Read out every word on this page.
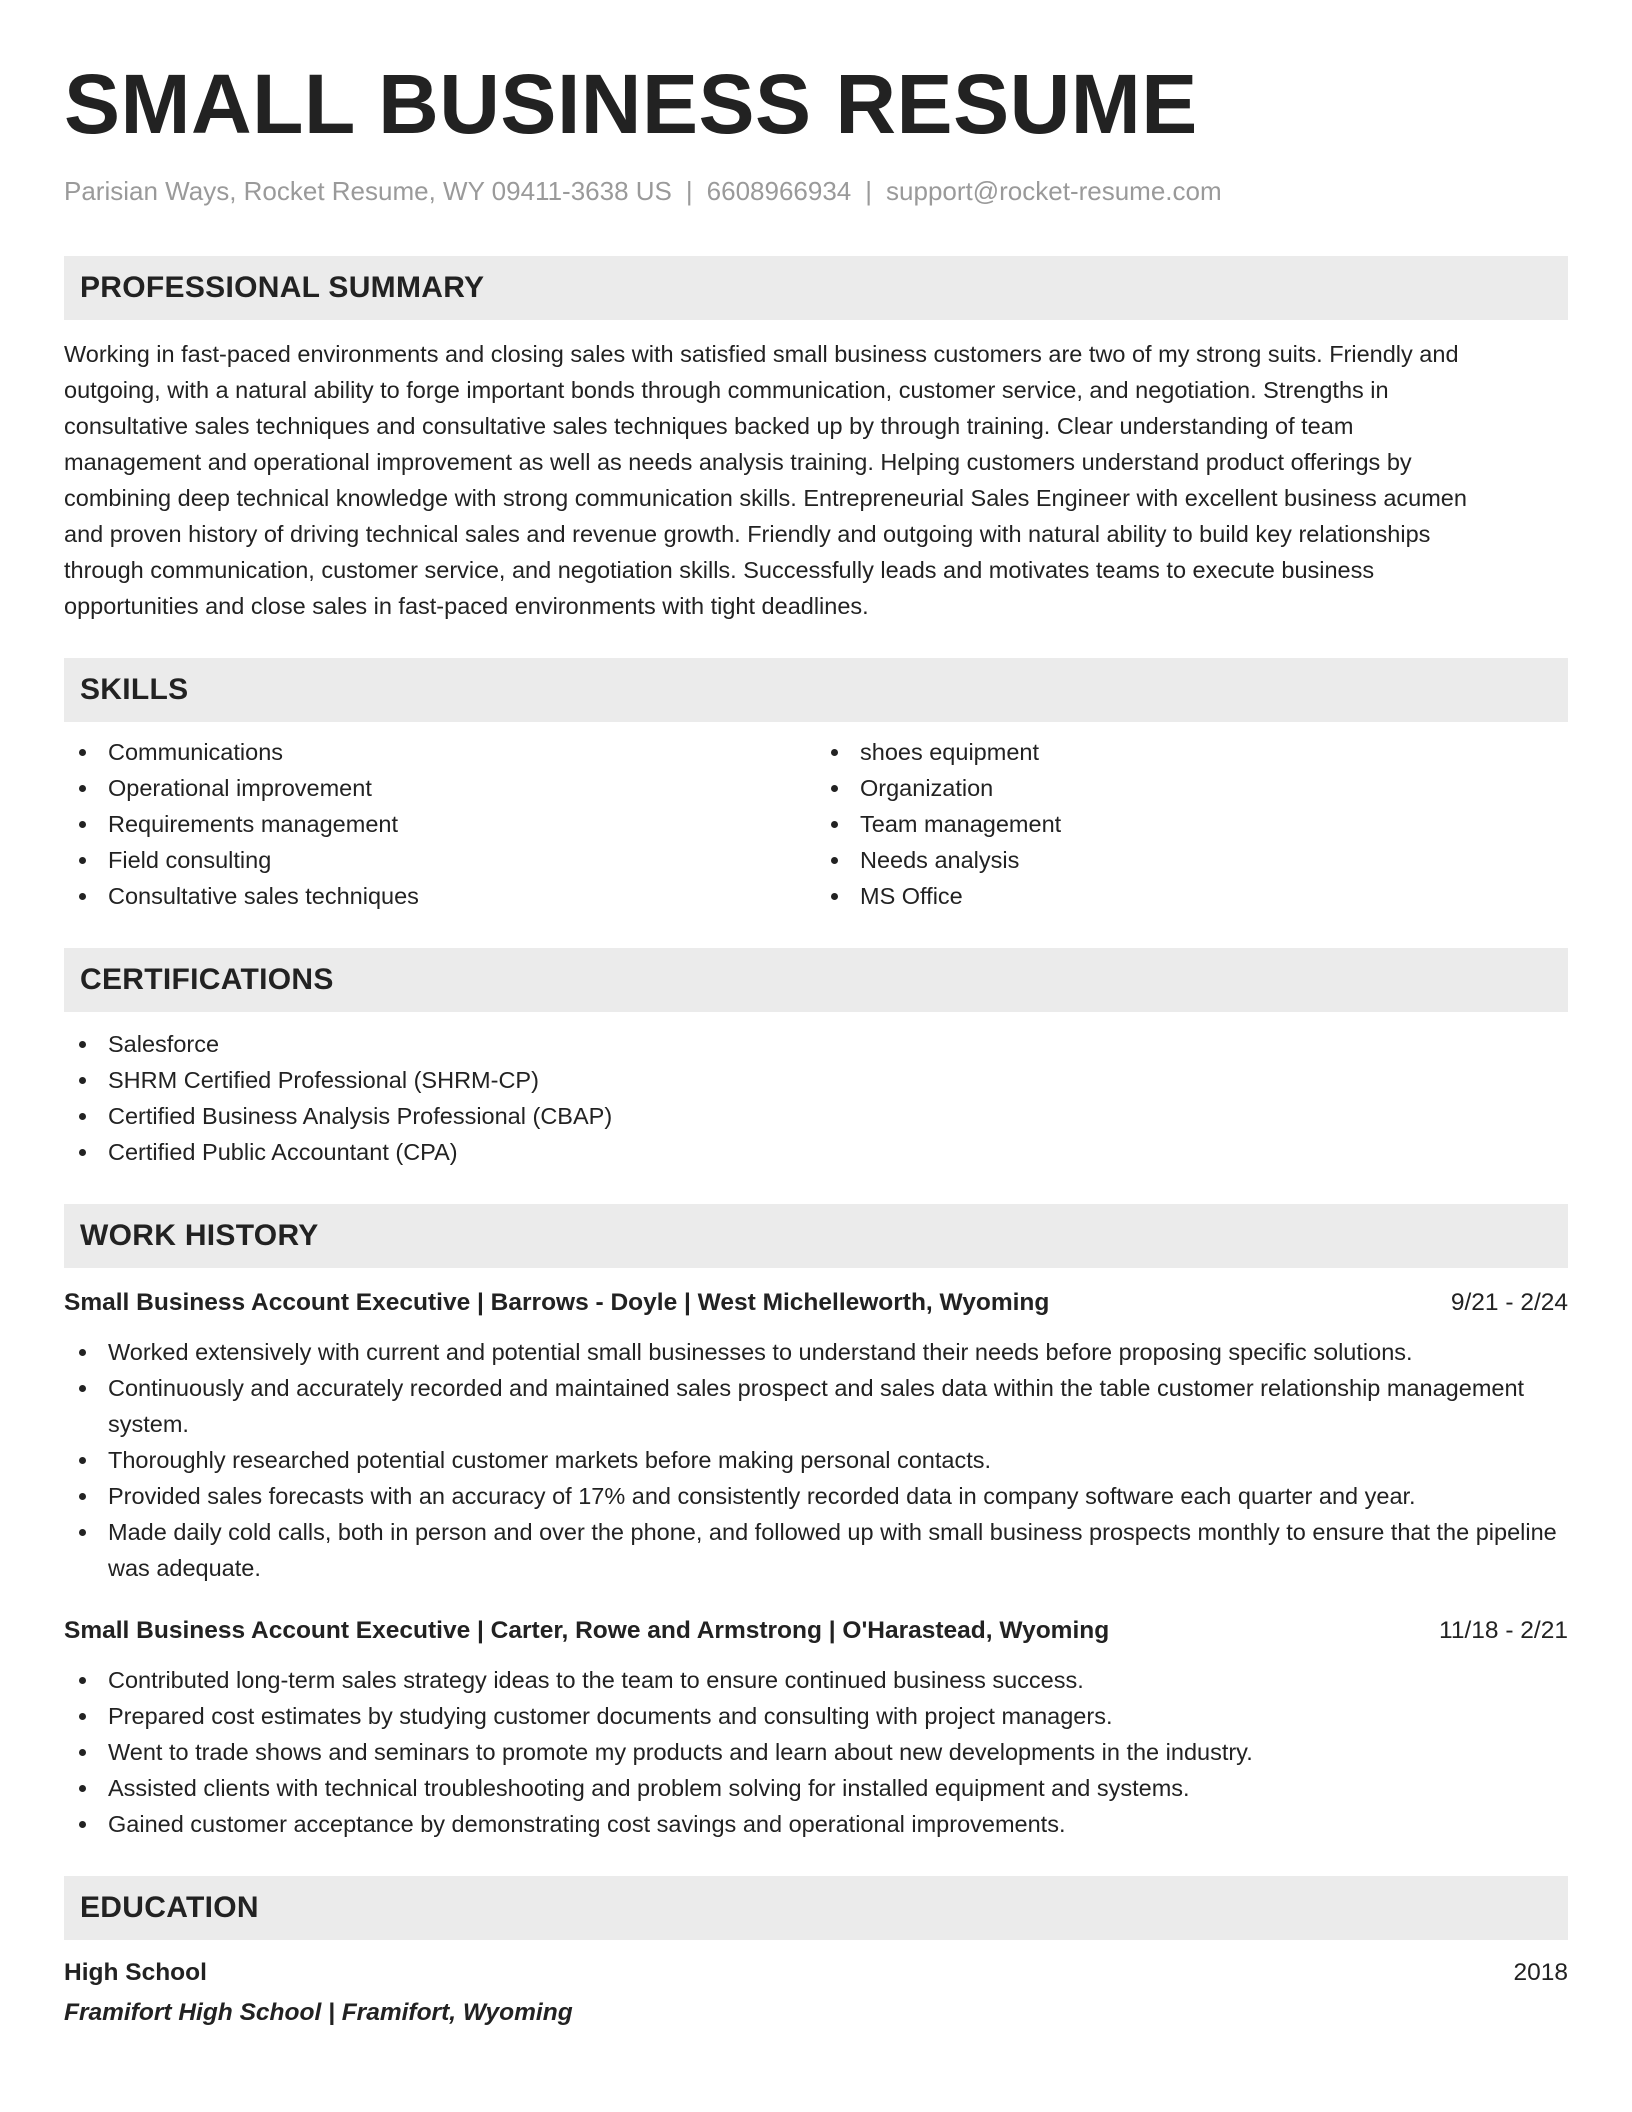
SMALL BUSINESS RESUME
Parisian Ways, Rocket Resume, WY 09411-3638 US | 6608966934 | support@rocket-resume.com
PROFESSIONAL SUMMARY
Working in fast-paced environments and closing sales with satisfied small business customers are two of my strong suits. Friendly and
outgoing, with a natural ability to forge important bonds through communication, customer service, and negotiation. Strengths in
consultative sales techniques and consultative sales techniques backed up by through training. Clear understanding of team
management and operational improvement as well as needs analysis training. Helping customers understand product offerings by
combining deep technical knowledge with strong communication skills. Entrepreneurial Sales Engineer with excellent business acumen
and proven history of driving technical sales and revenue growth. Friendly and outgoing with natural ability to build key relationships
through communication, customer service, and negotiation skills. Successfully leads and motivates teams to execute business
opportunities and close sales in fast-paced environments with tight deadlines.
SKILLS
Communications
Operational improvement
Requirements management
Field consulting
Consultative sales techniques
shoes equipment
Organization
Team management
Needs analysis
MS Office
CERTIFICATIONS
Salesforce
SHRM Certified Professional (SHRM-CP)
Certified Business Analysis Professional (CBAP)
Certified Public Accountant (CPA)
WORK HISTORY
Small Business Account Executive | Barrows - Doyle | West Michelleworth, Wyoming	9/21 - 2/24
Worked extensively with current and potential small businesses to understand their needs before proposing specific solutions.
Continuously and accurately recorded and maintained sales prospect and sales data within the table customer relationship management system.
Thoroughly researched potential customer markets before making personal contacts.
Provided sales forecasts with an accuracy of 17% and consistently recorded data in company software each quarter and year.
Made daily cold calls, both in person and over the phone, and followed up with small business prospects monthly to ensure that the pipeline was adequate.
Small Business Account Executive | Carter, Rowe and Armstrong | O'Harastead, Wyoming	11/18 - 2/21
Contributed long-term sales strategy ideas to the team to ensure continued business success.
Prepared cost estimates by studying customer documents and consulting with project managers.
Went to trade shows and seminars to promote my products and learn about new developments in the industry.
Assisted clients with technical troubleshooting and problem solving for installed equipment and systems.
Gained customer acceptance by demonstrating cost savings and operational improvements.
EDUCATION
High School	2018
Framifort High School | Framifort, Wyoming
